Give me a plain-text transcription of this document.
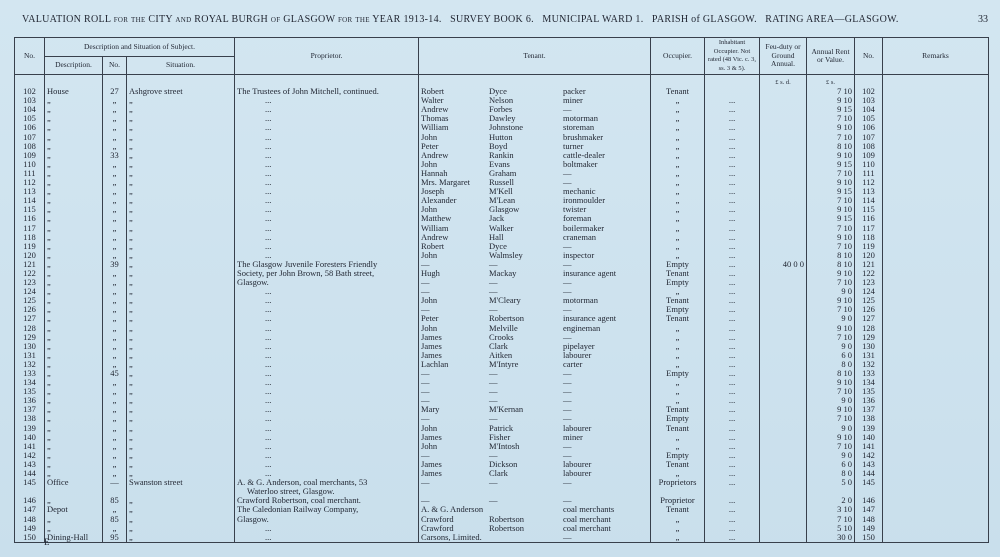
VALUATION ROLL for the CITY and ROYAL BURGH of GLASGOW for the YEAR 1913-14. SURVEY BOOK 6. MUNICIPAL WARD 1. PARISH of GLASGOW. RATING AREA—GLASGOW.	33
No.	Description and Situation of Subject.			Proprietor.	Tenant.	Occupier.	Inhabitant Occupier. Not rated (48 Vic. c. 3, ss. 3 & 5).	Feu-duty or Ground Annual.	Annual Rent or Value.	No.	Remarks
	Description.	No.	Situation.								
								£ s. d.	£ s.		
102	House	27	Ashgrove street	The Trustees of John Mitchell, continued.	Robert Dyce packer	Tenant			7 10	102	
103	„	„	„	...	Walter Nelson miner	„	...		9 10	103	
104	„	„	„	...	Andrew Forbes —	„	...		9 15	104	
105	„	„	„	...	Thomas Dawley motorman	„	...		7 10	105	
106	„	„	„	...	William Johnstone storeman	„	...		9 10	106	
107	„	„	„	...	John Hutton brushmaker	„	...		7 10	107	
108	„	„	„	...	Peter Boyd turner	„	...		8 10	108	
109	„	33	„	...	Andrew Rankin cattle-dealer	„	...		9 10	109	
110	„	„	„	...	John Evans boltmaker	„	...		9 15	110	
111	„	„	„	...	Hannah Graham —	„	...		7 10	111	
112	„	„	„	...	Mrs. Margaret Russell —	„	...		9 10	112	
113	„	„	„	...	Joseph M'Kell mechanic	„	...		9 15	113	
114	„	„	„	...	Alexander M'Lean ironmoulder	„	...		7 10	114	
115	„	„	„	...	John Glasgow twister	„	...		9 10	115	
116	„	„	„	...	Matthew Jack foreman	„	...		9 15	116	
117	„	„	„	...	William Walker boilermaker	„	...		7 10	117	
118	„	„	„	...	Andrew Hall craneman	„	...		9 10	118	
119	„	„	„	...	Robert Dyce —	„	...		7 10	119	
120	„	„	„	...	John Walmsley inspector	„	...		8 10	120	
121	„	39	„	The Glasgow Juvenile Foresters Friendly	— — —	Empty	...	40 0 0	8 10	121	
122	„	„	„	Society, per John Brown, 58 Bath street,	Hugh Mackay insurance agent	Tenant	...		9 10	122	
123	„	„	„	Glasgow.	— — —	Empty	...		7 10	123	
124	„	„	„	...	— — —	„	...		9 0	124	
125	„	„	„	...	John M'Cleary motorman	Tenant	...		9 10	125	
126	„	„	„	...	— — —	Empty	...		7 10	126	
127	„	„	„	...	Peter Robertson insurance agent	Tenant	...		9 0	127	
128	„	„	„	...	John Melville engineman	„	...		9 10	128	
129	„	„	„	...	James Crooks —	„	...		7 10	129	
130	„	„	„	...	James Clark pipelayer	„	...		9 0	130	
131	„	„	„	...	James Aitken labourer	„	...		6 0	131	
132	„	„	„	...	Lachlan M'Intyre carter	„	...		8 0	132	
133	„	45	„	...	— — —	Empty	...		8 10	133	
134	„	„	„	...	— — —	„	...		9 10	134	
135	„	„	„	...	— — —	„	...		7 10	135	
136	„	„	„	...	— — —	„	...		9 0	136	
137	„	„	„	...	Mary M'Kernan —	Tenant	...		9 10	137	
138	„	„	„	...	— — —	Empty	...		7 10	138	
139	„	„	„	...	John Patrick labourer	Tenant	...		9 0	139	
140	„	„	„	...	James Fisher miner	„	...		9 10	140	
141	„	„	„	...	John M'Intosh —	„	...		7 10	141	
142	„	„	„	...	— — —	Empty	...		9 0	142	
143	„	„	„	...	James Dickson labourer	Tenant	...		6 0	143	
144	„	„	„	...	James Clark labourer	„	...		8 0	144	
145	Office	—	Swanston street	A. & G. Anderson, coal merchants, 53	— — —	Proprietors	...		5 0	145	
				Waterloo street, Glasgow.	

146	„	85	„	Crawford Robertson, coal merchant.	— — —	Proprietor	...		2 0	146	
147	Depot	„	„	The Caledonian Railway Company,	A. & G. Anderson coal merchants	Tenant	...		3 10	147	
148	„	85	„	Glasgow.	Crawford Robertson coal merchant	„	...		7 10	148	
149	„	„	„	...	Crawford Robertson coal merchant	„	...		5 10	149	
150	Dining-Hall	95	„	...	Carsons, Limited. —	„	...		30 0	150	
E
